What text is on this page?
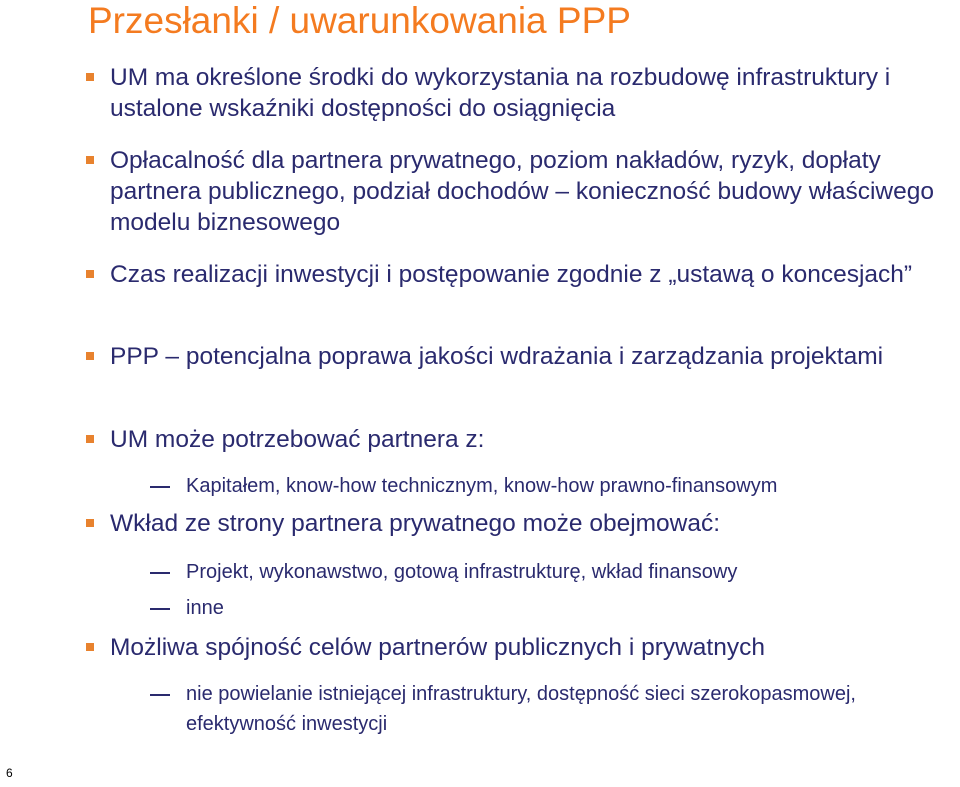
Przesłanki / uwarunkowania PPP
UM ma określone środki do wykorzystania na rozbudowę infrastruktury i ustalone wskaźniki dostępności do osiągnięcia
Opłacalność dla partnera prywatnego, poziom nakładów, ryzyk, dopłaty partnera publicznego, podział dochodów – konieczność budowy właściwego modelu biznesowego
Czas realizacji inwestycji i postępowanie zgodnie z „ustawą o koncesjach”
PPP – potencjalna poprawa jakości wdrażania i zarządzania projektami
UM może potrzebować partnera z:
Kapitałem, know-how technicznym, know-how prawno-finansowym
Wkład ze strony partnera prywatnego może obejmować:
Projekt, wykonawstwo, gotową infrastrukturę, wkład finansowy
inne
Możliwa spójność celów partnerów publicznych i prywatnych
nie powielanie istniejącej infrastruktury, dostępność sieci szerokopasmowej, efektywność inwestycji
6
